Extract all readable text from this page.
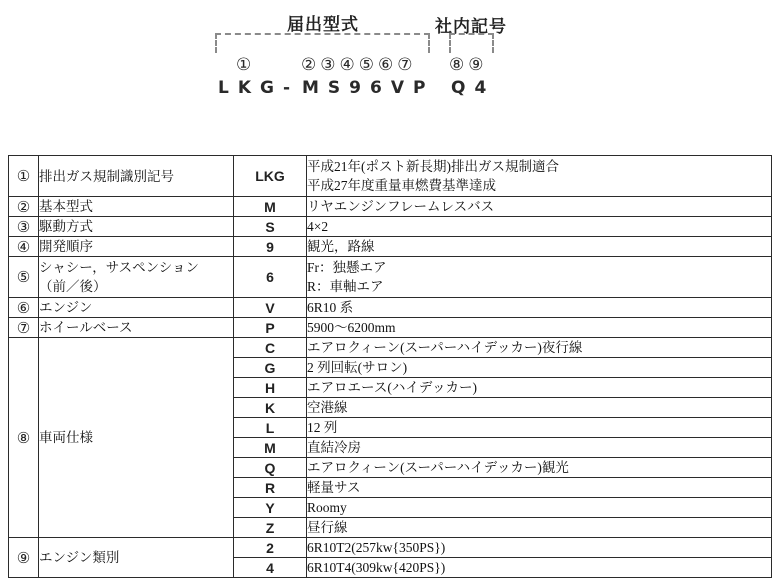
届出型式	社内記号
①	②③④⑤⑥⑦ ⑧⑨
LKG - MS96VP Q4
①	排出ガス規制識別記号	LKG	平成21年(ポスト新長期)排出ガス規制適合
平成27年度重量車燃費基準達成

②	基本型式	M	リヤエンジンフレームレスバス

③	駆動方式	S	4×2

④	開発順序	9	観光，路線

⑤	シャシー，サスペンション
（前／後）	6	Fr：独懸エア
R：車軸エア

⑥	エンジン	V	6R10 系

⑦	ホイールベース	P	5900〜6200mm

⑧	車両仕様	C	エアロクィーン(スーパーハイデッカー)夜行線

		G	2 列回転(サロン)

		H	エアロエース(ハイデッカー)

		K	空港線

		L	12 列

		M	直結冷房

		Q	エアロクィーン(スーパーハイデッカー)観光

		R	軽量サス

		Y	Roomy

		Z	昼行線

⑨	エンジン類別	2	6R10T2(257kw{350PS})

		4	6R10T4(309kw{420PS})
